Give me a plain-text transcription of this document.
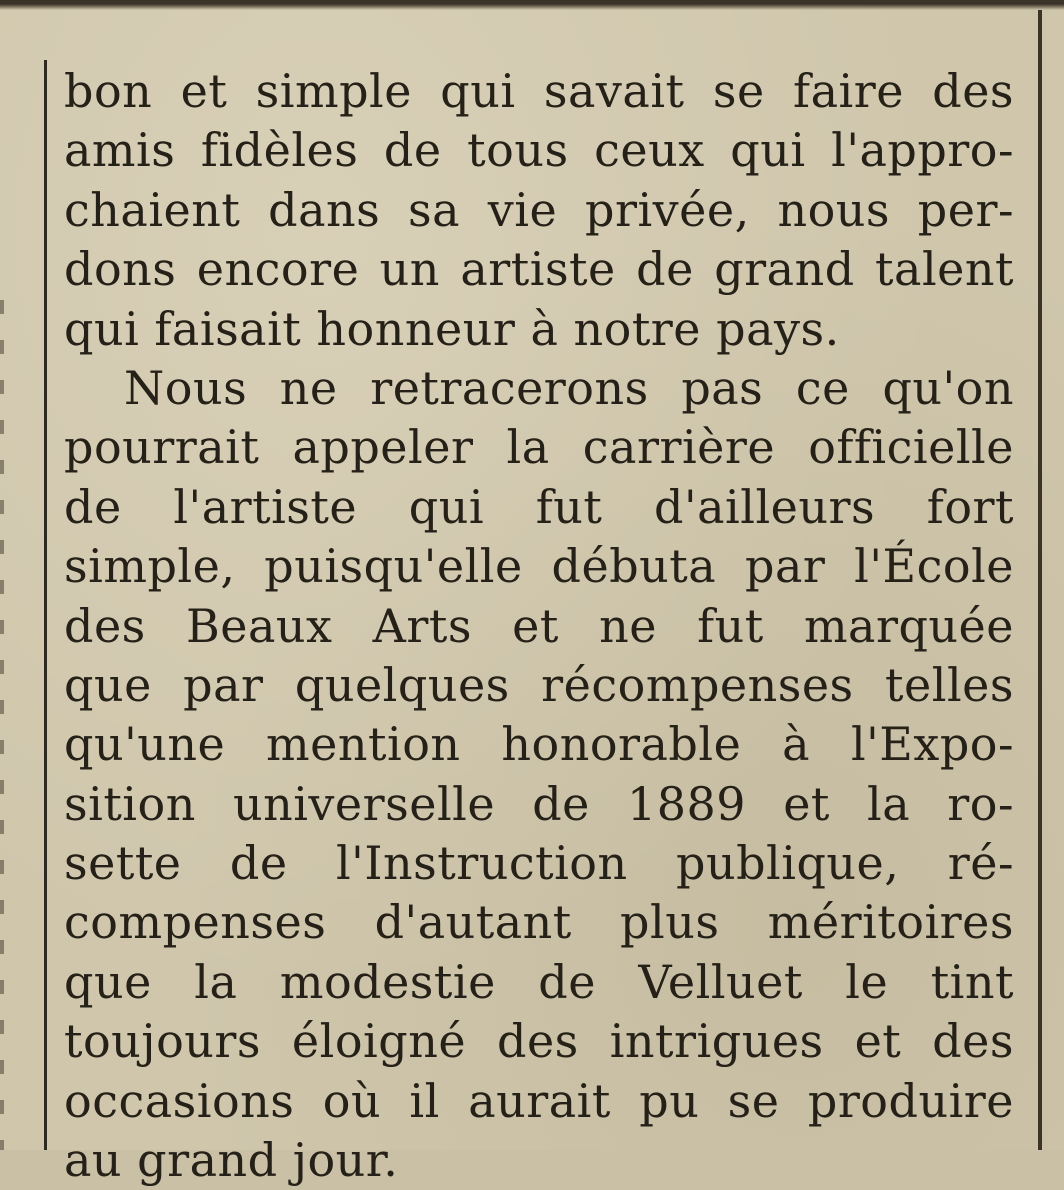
bon et simple qui savait se faire des
amis fidèles de tous ceux qui l'appro-
chaient dans sa vie privée, nous per-
dons encore un artiste de grand talent
qui faisait honneur à notre pays.
Nous ne retracerons pas ce qu'on
pourrait appeler la carrière officielle
de l'artiste qui fut d'ailleurs fort
simple, puisqu'elle débuta par l'École
des Beaux Arts et ne fut marquée
que par quelques récompenses telles
qu'une mention honorable à l'Expo-
sition universelle de 1889 et la ro-
sette de l'Instruction publique, ré-
compenses d'autant plus méritoires
que la modestie de Velluet le tint
toujours éloigné des intrigues et des
occasions où il aurait pu se produire
au grand jour.
